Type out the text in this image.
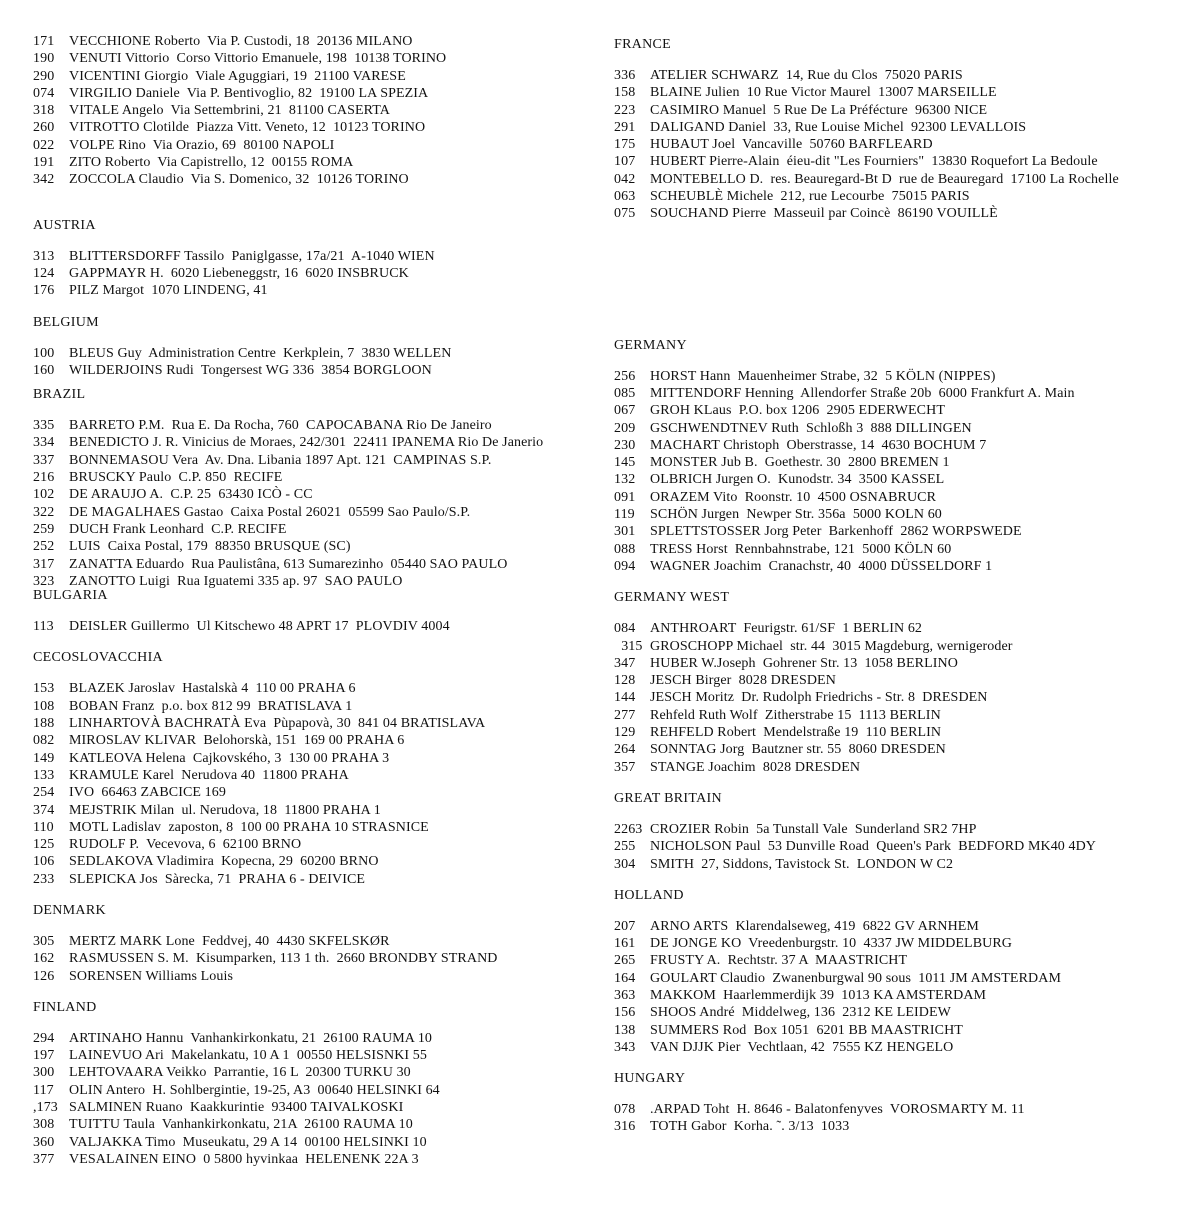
171 VECCHIONE Roberto  Via P. Custodi, 18  20136 MILANO
190 VENUTI Vittorio  Corso Vittorio Emanuele, 198  10138 TORINO
290 VICENTINI Giorgio  Viale Aguggiari, 19  21100 VARESE
074 VIRGILIO Daniele  Via P. Bentivoglio, 82  19100 LA SPEZIA
318 VITALE Angelo  Via Settembrini, 21  81100 CASERTA
260 VITROTTO Clotilde  Piazza Vitt. Veneto, 12  10123 TORINO
022 VOLPE Rino  Via Orazio, 69  80100 NAPOLI
191 ZITO Roberto  Via Capistrello, 12  00155 ROMA
342 ZOCCOLA Claudio  Via S. Domenico, 32  10126 TORINO
AUSTRIA
313 BLITTERSDORFF Tassilo  Paniglgasse, 17a/21  A-1040 WIEN
124 GAPPMAYR H.  6020 Liebeneggstr, 16  6020 INSBRUCK
176 PILZ Margot  1070 LINDENG, 41
BELGIUM
100 BLEUS Guy  Administration Centre  Kerkplein, 7  3830 WELLEN
160 WILDERJOINS Rudi  Tongersest WG 336  3854 BORGLOON
BRAZIL
335 BARRETO P.M.  Rua E. Da Rocha, 760  CAPOCABANA Rio De Janeiro
334 BENEDICTO J. R. Vinicius de Moraes, 242/301  22411 IPANEMA Rio De Janerio
337 BONNEMASOU Vera  Av. Dna. Libania 1897 Apt. 121  CAMPINAS S.P.
216 BRUSCKY Paulo  C.P. 850  RECIFE
102 DE ARAUJO A.  C.P. 25  63430 ICÒ - CC
322 DE MAGALHAES Gastao  Caixa Postal 26021  05599 Sao Paulo/S.P.
259 DUCH Frank Leonhard  C.P. RECIFE
252 LUIS  Caixa Postal, 179  88350 BRUSQUE (SC)
317 ZANATTA Eduardo  Rua Paulistâna, 613 Sumarezinho  05440 SAO PAULO
323 ZANOTTO Luigi  Rua Iguatemi 335 ap. 97  SAO PAULO
BULGARIA
113 DEISLER Guillermo  Ul Kitschewo 48 APRT 17  PLOVDIV 4004
CECOSLOVACCHIA
153 BLAZEK Jaroslav  Hastalskà 4  110 00 PRAHA 6
108 BOBAN Franz  p.o. box 812 99  BRATISLAVA 1
188 LINHARTOVÀ BACHRATÀ Eva  Pùpapovà, 30  841 04 BRATISLAVA
082 MIROSLAV KLIVAR  Belohorskà, 151  169 00 PRAHA 6
149 KATLEOVA Helena  Cajkovského, 3  130 00 PRAHA 3
133 KRAMULE Karel  Nerudova 40  11800 PRAHA
254 IVO  66463 ZABCICE 169
374 MEJSTRIK Milan  ul. Nerudova, 18  11800 PRAHA 1
110 MOTL Ladislav  zaposton, 8  100 00 PRAHA 10 STRASNICE
125 RUDOLF P.  Vecevova, 6  62100 BRNO
106 SEDLAKOVA Vladimira  Kopecna, 29  60200 BRNO
233 SLEPICKA Jos  Sàrecka, 71  PRAHA 6 - DEIVICE
DENMARK
305 MERTZ MARK Lone  Feddvej, 40  4430 SKFELSKØR
162 RASMUSSEN S. M.  Kisumparken, 113 1 th.  2660 BRONDBY STRAND
126 SORENSEN Williams Louis
FINLAND
294 ARTINAHO Hannu  Vanhankirkonkatu, 21  26100 RAUMA 10
197 LAINEVUO Ari  Makelankatu, 10 A 1  00550 HELSISNKI 55
300 LEHTOVAARA Veikko  Parrantie, 16 L  20300 TURKU 30
117 OLIN Antero  H. Sohlbergintie, 19-25, A3  00640 HELSINKI 64
,173 SALMINEN Ruano  Kaakkurintie  93400 TAIVALKOSKI
308 TUITTU Taula  Vanhankirkonkatu, 21A  26100 RAUMA 10
360 VALJAKKA Timo  Museukatu, 29 A 14  00100 HELSINKI 10
377 VESALAINEN EINO  0 5800 hyvinkaa  HELENENK 22A 3
FRANCE
336 ATELIER SCHWARZ  14, Rue du Clos  75020 PARIS
158 BLAINE Julien  10 Rue Victor Maurel  13007 MARSEILLE
223 CASIMIRO Manuel  5 Rue De La Préfécture  96300 NICE
291 DALIGAND Daniel  33, Rue Louise Michel  92300 LEVALLOIS
175 HUBAUT Joel  Vancaville  50760 BARFLEARD
107 HUBERT Pierre-Alain  éieu-dit "Les Fourniers"  13830 Roquefort La Bedoule
042 MONTEBELLO D.  res. Beauregard-Bt D  rue de Beauregard  17100 La Rochelle
063 SCHEUBLÈ Michele  212, rue Lecourbe  75015 PARIS
075 SOUCHAND Pierre  Masseuil par Coincè  86190 VOUILLÈ
GERMANY
256 HORST Hann  Mauenheimer Strabe, 32  5 KÖLN (NIPPES)
085 MITTENDORF Henning  Allendorfer Straße 20b  6000 Frankfurt A. Main
067 GROH KLaus  P.O. box 1206  2905 EDERWECHT
209 GSCHWENDTNEV Ruth  Schloßh 3  888 DILLINGEN
230 MACHART Christoph  Oberstrasse, 14  4630 BOCHUM 7
145 MONSTER Jub B.  Goethestr. 30  2800 BREMEN 1
132 OLBRICH Jurgen O.  Kunodstr. 34  3500 KASSEL
091 ORAZEM Vito  Roonstr. 10  4500 OSNABRUCR
119 SCHÖN Jurgen  Newper Str. 356a  5000 KOLN 60
301 SPLETTSTOSSER Jorg Peter  Barkenhoff  2862 WORPSWEDE
088 TRESS Horst  Rennbahnstrabe, 121  5000 KÖLN 60
094 WAGNER Joachim  Cranachstr, 40  4000 DÜSSELDORF 1
GERMANY WEST
084 ANTHROART  Feurigstr. 61/SF  1 BERLIN 62
315 GROSCHOPP Michael  str. 44  3015 Magdeburg, wernigeroder
347 HUBER W.Joseph  Gohrener Str. 13  1058 BERLINO
128 JESCH Birger  8028 DRESDEN
144 JESCH Moritz  Dr. Rudolph Friedrichs - Str. 8  DRESDEN
277 Rehfeld Ruth Wolf  Zitherstrabe 15  1113 BERLIN
129 REHFELD Robert  Mendelstraße 19  110 BERLIN
264 SONNTAG Jorg  Bautzner str. 55  8060 DRESDEN
357 STANGE Joachim  8028 DRESDEN
GREAT BRITAIN
2263 CROZIER Robin  5a Tunstall Vale  Sunderland SR2 7HP
255 NICHOLSON Paul  53 Dunville Road  Queen's Park  BEDFORD MK40 4DY
304 SMITH  27, Siddons, Tavistock St.  LONDON W C2
HOLLAND
207 ARNO ARTS  Klarendalseweg, 419  6822 GV ARNHEM
161 DE JONGE KO  Vreedenburgstr. 10  4337 JW MIDDELBURG
265 FRUSTY A.  Rechtstr. 37 A  MAASTRICHT
164 GOULART Claudio  Zwanenburgwal 90 sous  1011 JM AMSTERDAM
363 MAKKOM  Haarlemmerdijk 39  1013 KA AMSTERDAM
156 SHOOS André  Middelweg, 136  2312 KE LEIDEW
138 SUMMERS Rod  Box 1051  6201 BB MAASTRICHT
343 VAN DJJK Pier  Vechtlaan, 42  7555 KZ HENGELO
HUNGARY
078 .ARPAD Toht  H. 8646 - Balatonfenyves  VOROSMARTY M. 11
316 TOTH Gabor  Korha. ˜. 3/13  1033
